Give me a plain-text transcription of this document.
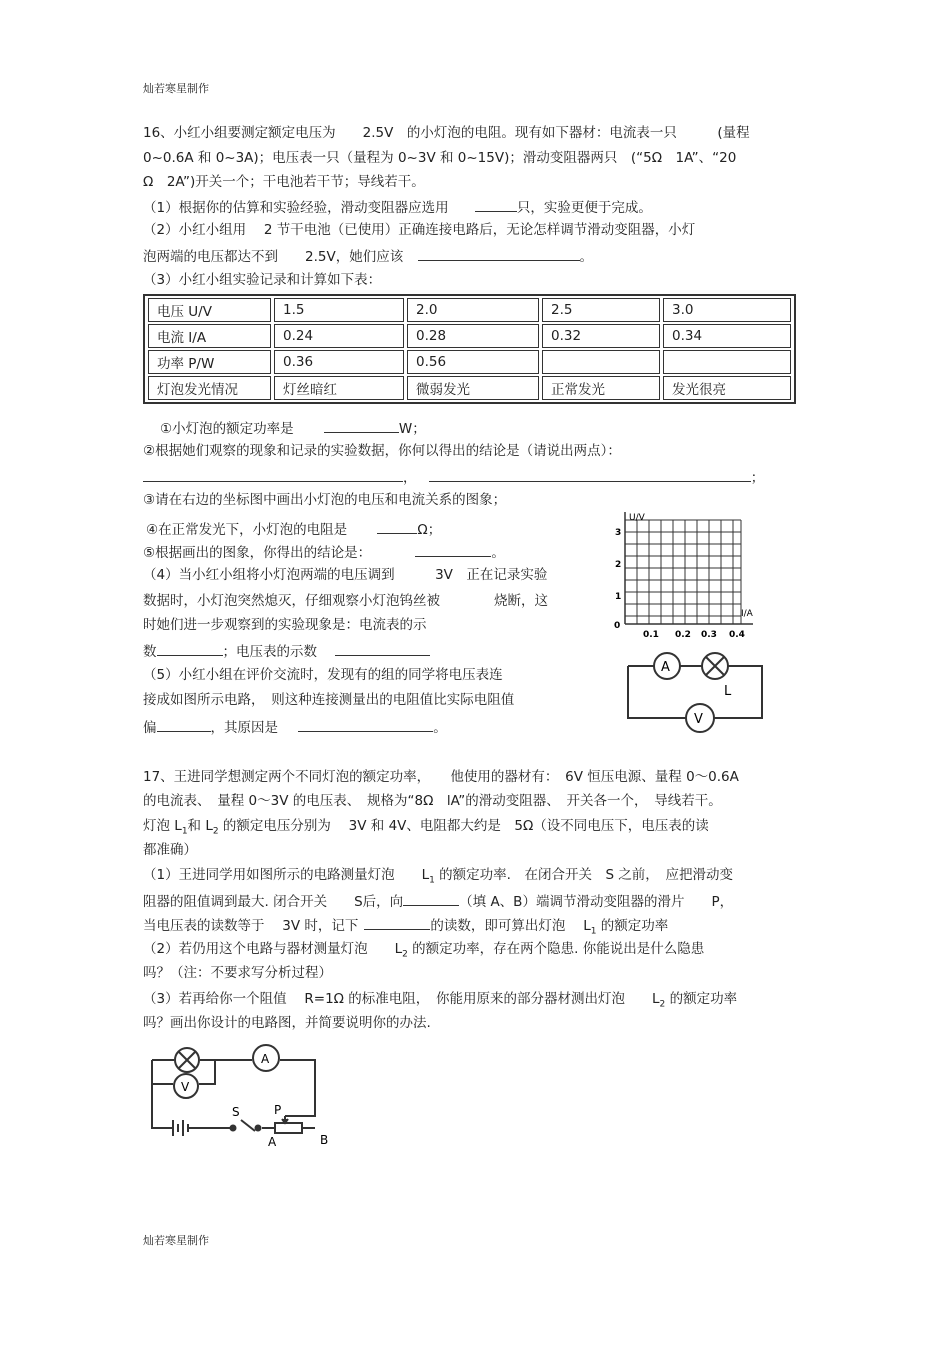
灿若寒星制作
灿若寒星制作
16、小红小组要测定额定电压为　　2.5V　的小灯泡的电阻。现有如下器材：电流表一只　　　(量程
0~0.6A 和 0~3A)；电压表一只（量程为 0~3V 和 0~15V)；滑动变阻器两只　(“5Ω　1A”、“20
Ω　2A”)开关一个；干电池若干节；导线若干。
（1）根据你的估算和实验经验，滑动变阻器应选用	只，实验更便于完成。
（2）小红小组用　 2 节干电池（已使用）正确连接电路后，无论怎样调节滑动变阻器，小灯
泡两端的电压都达不到　　2.5V，她们应该	。
（3）小红小组实验记录和计算如下表：
电压 U/V	1.5	2.0	2.5	3.0
电流 I/A	0.24	0.28	0.32	0.34
功率 P/W	0.36	0.56		
灯泡发光情况	灯丝暗红	微弱发光	正常发光	发光很亮
①小灯泡的额定功率是	W；
②根据她们观察的现象和记录的实验数据，你何以得出的结论是（请说出两点）：
，	；
③请在右边的坐标图中画出小灯泡的电压和电流关系的图象；
④在正常发光下，小灯泡的电阻是	Ω；
⑤根据画出的图象，你得出的结论是：	。
（4）当小红小组将小灯泡两端的电压调到　　　3V　正在记录实验
数据时，小灯泡突然熄灭，仔细观察小灯泡钨丝被　　　　烧断，这
时她们进一步观察到的实验现象是：电流表的示
数	；电压表的示数
（5）小红小组在评价交流时，发现有的组的同学将电压表连
接成如图所示电路，　则这种连接测量出的电阻值比实际电阻值
偏	，其原因是	。
U/V
I/A
0
1
2
3
0.1 0.2 0.3 0.4
A
V
L
17、王进同学想测定两个不同灯泡的额定功率，　　他使用的器材有：　6V 恒压电源、量程 0～0.6A
的电流表、　量程 0～3V 的电压表、　规格为“8Ω　lA”的滑动变阻器、　开关各一个，　导线若干。
灯泡 $L_1$和 $L_2$ 的额定电压分别为　 3V 和 4V、电阻都大约是　5Ω（设不同电压下，电压表的读
都准确）
（1）王进同学用如图所示的电路测量灯泡　　$L_1$ 的额定功率.　在闭合开关　S 之前，　应把滑动变
阻器的阻值调到最大. 闭合开关　　S后，向	（填 A、B）端调节滑动变阻器的滑片　　P，
当电压表的读数等于　 3V 时，记下	的读数，即可算出灯泡　 $L_1$ 的额定功率
（2）若仍用这个电路与器材测量灯泡　　$L_2$ 的额定功率，存在两个隐患. 你能说出是什么隐患
吗？（注：不要求写分析过程）
（3）若再给你一个阻值　 R=1Ω 的标准电阻，　你能用原来的部分器材测出灯泡　　$L_2$ 的额定功率
吗？画出你设计的电路图，并简要说明你的办法.
A
V
S	P
A	B
